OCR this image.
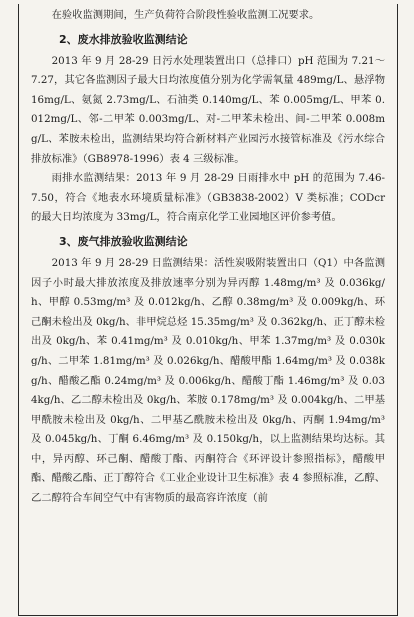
在验收监测期间，生产负荷符合阶段性验收监测工况要求。

2、废水排放验收监测结论

2013 年 9 月 28-29 日污水处理装置出口（总排口）pH 范围为 7.21～7.27，其它各监测因子最大日均浓度值分别为化学需氧量 489mg/L、悬浮物 16mg/L、氨氮 2.73mg/L、石油类 0.140mg/L、苯 0.005mg/L、甲苯 0.012mg/L、邻-二甲苯 0.003mg/L、对-二甲苯未检出、间-二甲苯 0.008mg/L、苯胺未检出，监测结果均符合新材料产业园污水接管标准及《污水综合排放标准》（GB8978-1996）表 4 三级标准。

雨排水监测结果：2013 年 9 月 28-29 日雨排水中 pH 的范围为 7.46-7.50，符合《地表水环境质量标准》（GB3838-2002）V 类标准；CODcr 的最大日均浓度为 33mg/L，符合南京化学工业园地区评价参考值。

3、废气排放验收监测结论

2013 年 9 月 28-29 日监测结果：活性炭吸附装置出口（Q1）中各监测因子小时最大排放浓度及排放速率分别为异丙醇 1.48mg/m³ 及 0.036kg/h、甲醇 0.53mg/m³ 及 0.012kg/h、乙醇 0.38mg/m³ 及 0.009kg/h、环己酮未检出及 0kg/h、非甲烷总烃 15.35mg/m³ 及 0.362kg/h、正丁醇未检出及 0kg/h、苯 0.41mg/m³ 及 0.010kg/h、甲苯 1.37mg/m³ 及 0.030kg/h、二甲苯 1.81mg/m³ 及 0.026kg/h、醋酸甲酯 1.64mg/m³ 及 0.038kg/h、醋酸乙酯 0.24mg/m³ 及 0.006kg/h、醋酸丁酯 1.46mg/m³ 及 0.034kg/h、乙二醇未检出及 0kg/h、苯胺 0.178mg/m³ 及 0.004kg/h、二甲基甲酰胺未检出及 0kg/h、二甲基乙酰胺未检出及 0kg/h、丙酮 1.94mg/m³ 及 0.045kg/h、丁酮 6.46mg/m³ 及 0.150kg/h，以上监测结果均达标。其中，异丙醇、环己酮、醋酸丁酯、丙酮符合《环评设计参照指标》，醋酸甲酯、醋酸乙酯、正丁醇符合《工业企业设计卫生标准》表 4 参照标准，乙醇、乙二醇符合车间空气中有害物质的最高容许浓度（前
